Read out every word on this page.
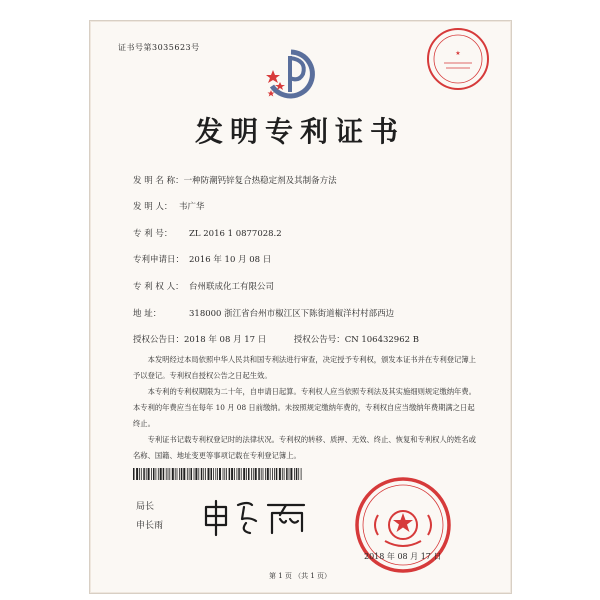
证书号第3035623号
★
发明专利证书
发 明 名 称：一种防潮钙锌复合热稳定剂及其制备方法
发 明 人： 韦广华
专 利 号： ZL 2016 1 0877028.2
专利申请日： 2016 年 10 月 08 日
专 利 权 人： 台州联成化工有限公司
地 址：	318000 浙江省台州市椒江区下陈街道椒洋村村部西边
授权公告日：2018 年 08 月 17 日	授权公告号：CN 106432962 B

本发明经过本局依照中华人民共和国专利法进行审查，决定授予专利权，颁发本证书并在专利登记簿上予以登记。专利权自授权公告之日起生效。

本专利的专利权期限为二十年，自申请日起算。专利权人应当依照专利法及其实施细则规定缴纳年费。本专利的年费应当在每年 10 月 08 日前缴纳。未按照规定缴纳年费的，专利权自应当缴纳年费期满之日起终止。

专利证书记载专利权登记时的法律状况。专利权的转移、质押、无效、终止、恢复和专利权人的姓名或名称、国籍、地址变更等事项记载在专利登记簿上。

局长
申长雨
2018 年 08 月 17 日
第 1 页 （共 1 页）
